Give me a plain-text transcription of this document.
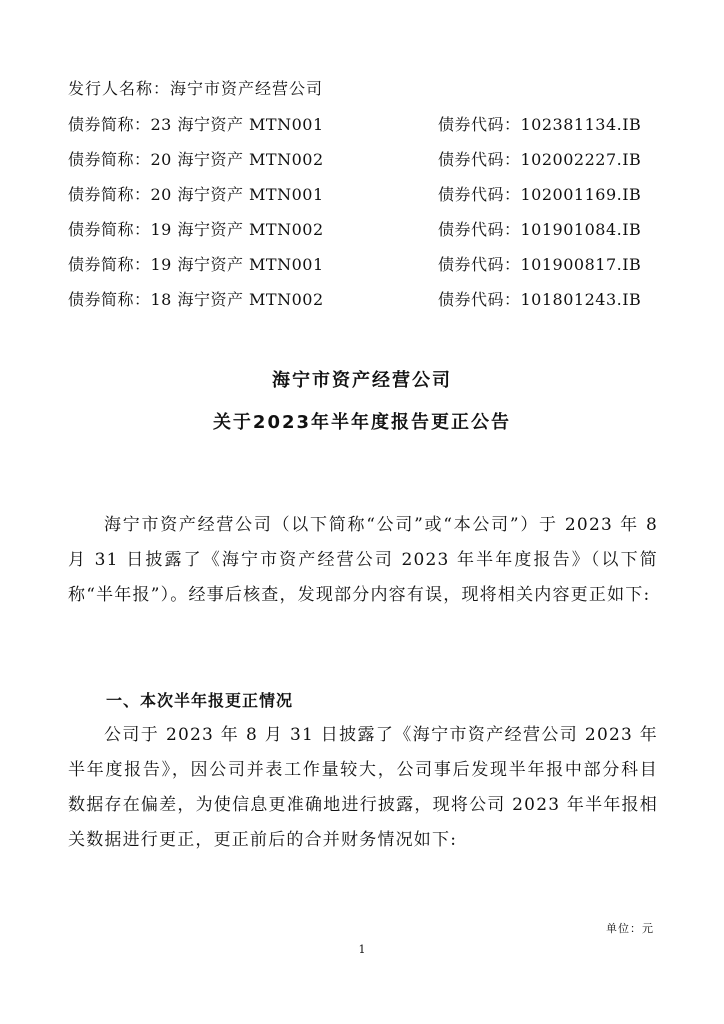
发行人名称：海宁市资产经营公司
债券简称：23 海宁资产 MTN001	债券代码：102381134.IB
债券简称：20 海宁资产 MTN002	债券代码：102002227.IB
债券简称：20 海宁资产 MTN001	债券代码：102001169.IB
债券简称：19 海宁资产 MTN002	债券代码：101901084.IB
债券简称：19 海宁资产 MTN001	债券代码：101900817.IB
债券简称：18 海宁资产 MTN002	债券代码：101801243.IB
海宁市资产经营公司
关于2023年半年度报告更正公告
海宁市资产经营公司（以下简称“公司”或“本公司”）于 2023 年 8 月 31 日披露了《海宁市资产经营公司 2023 年半年度报告》（以下简称“半年报”）。经事后核查，发现部分内容有误，现将相关内容更正如下:
一、本次半年报更正情况
公司于 2023 年 8 月 31 日披露了《海宁市资产经营公司 2023 年半年度报告》，因公司并表工作量较大，公司事后发现半年报中部分科目数据存在偏差，为使信息更准确地进行披露，现将公司 2023 年半年报相关数据进行更正，更正前后的合并财务情况如下:
单位：元
1
